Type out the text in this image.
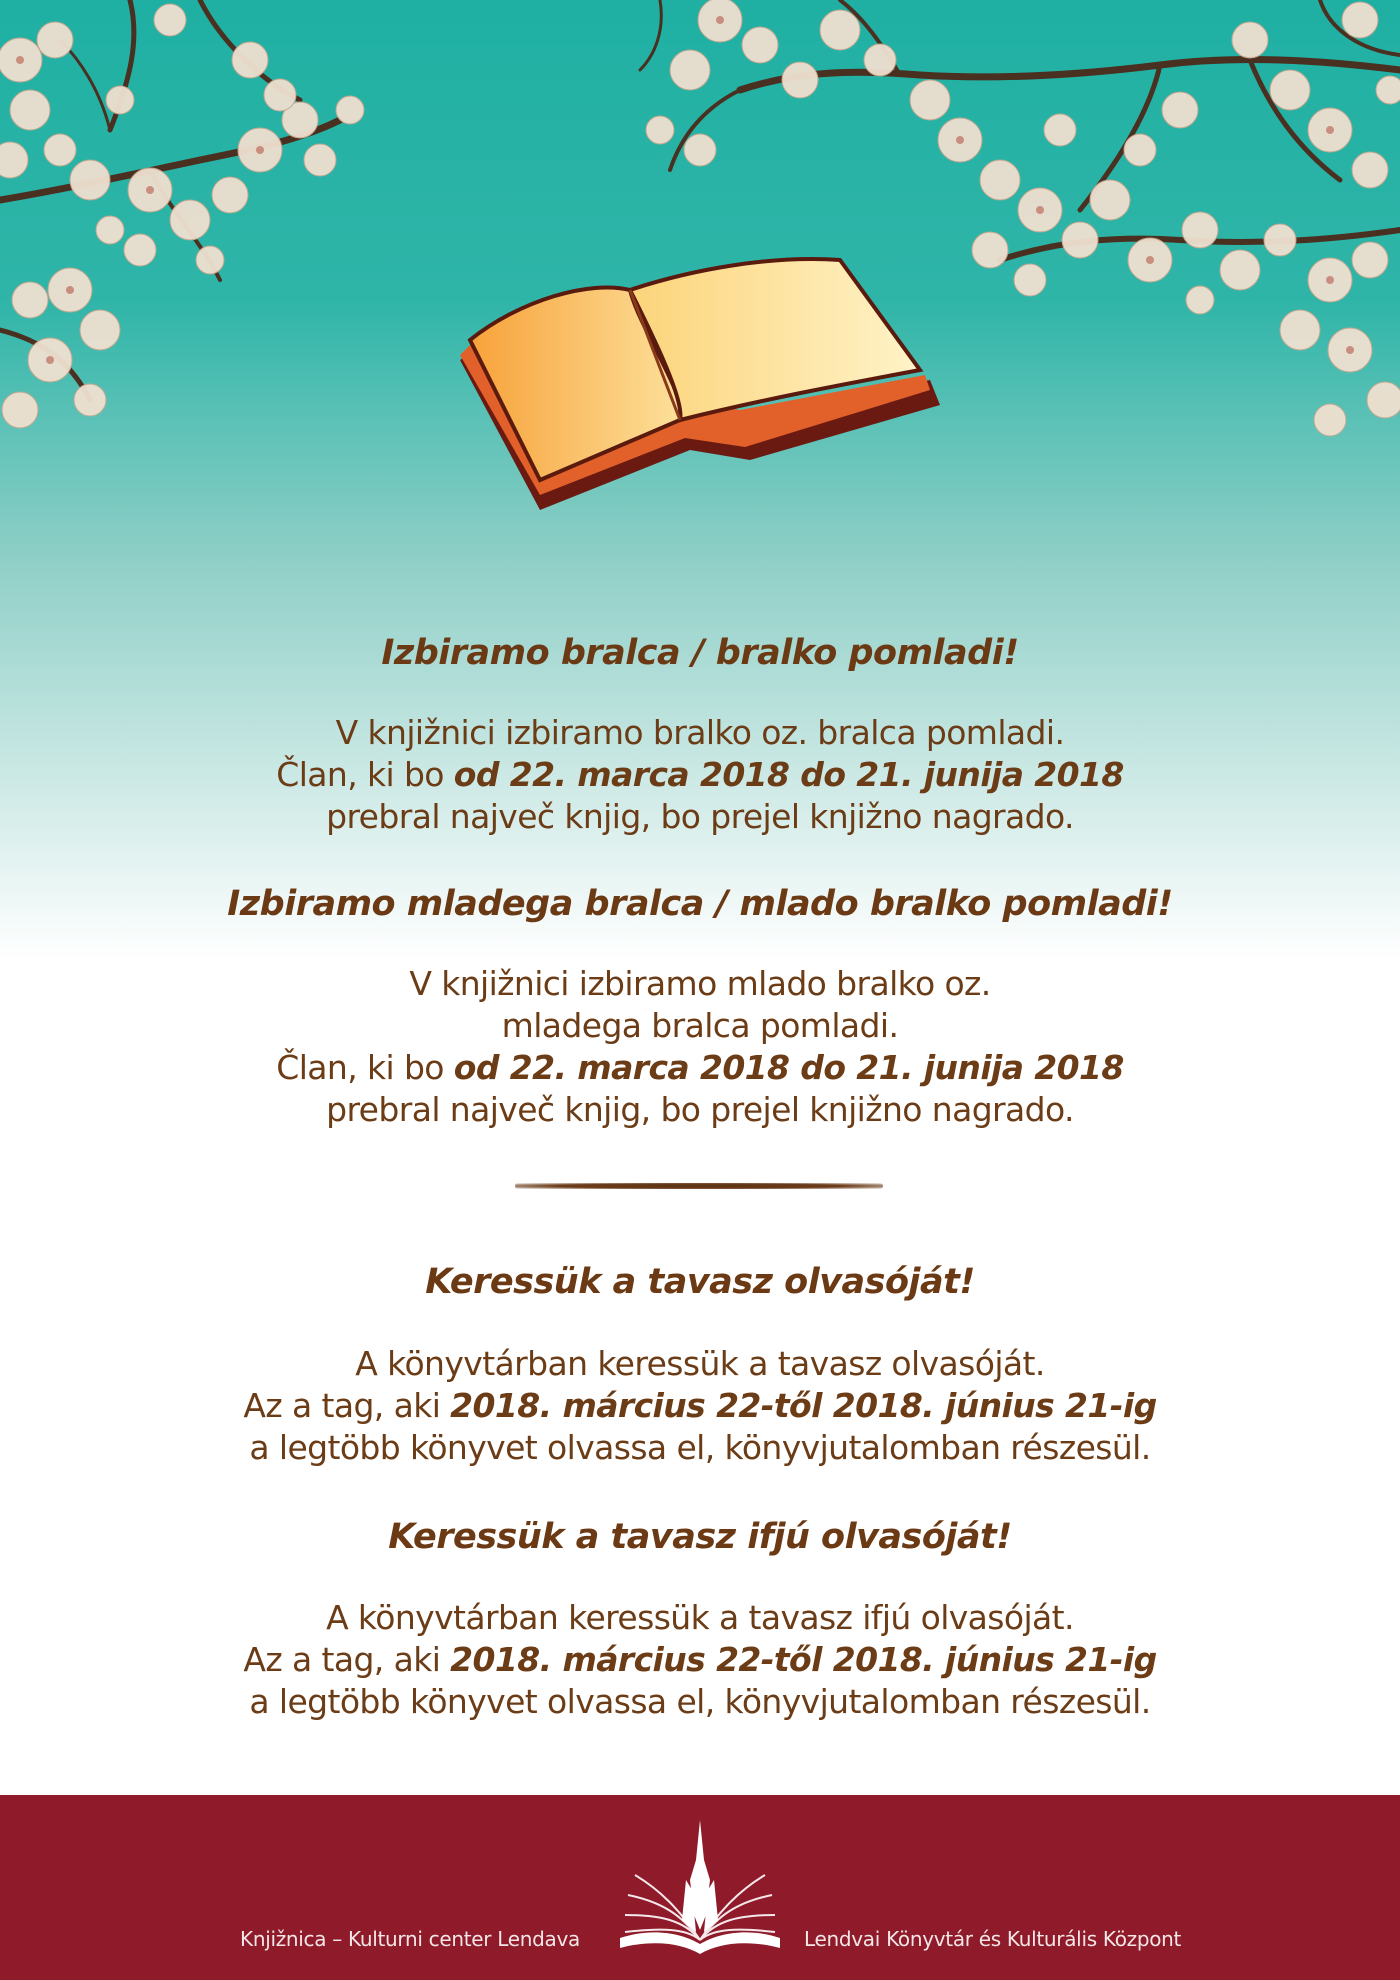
Izbiramo bralca / bralko pomladi!
V knjižnici izbiramo bralko oz. bralca pomladi.
Član, ki bo od 22. marca 2018 do 21. junija 2018
prebral največ knjig, bo prejel knjižno nagrado.
Izbiramo mladega bralca / mlado bralko pomladi!
V knjižnici izbiramo mlado bralko oz.
mladega bralca pomladi.
Član, ki bo od 22. marca 2018 do 21. junija 2018
prebral največ knjig, bo prejel knjižno nagrado.
Keressük a tavasz olvasóját!
A könyvtárban keressük a tavasz olvasóját.
Az a tag, aki 2018. március 22-től 2018. június 21-ig
a legtöbb könyvet olvassa el, könyvjutalomban részesül.
Keressük a tavasz ifjú olvasóját!
A könyvtárban keressük a tavasz ifjú olvasóját.
Az a tag, aki 2018. március 22-től 2018. június 21-ig
a legtöbb könyvet olvassa el, könyvjutalomban részesül.
Knjižnica – Kulturni center Lendava	Lendvai Könyvtár és Kulturális Központ
